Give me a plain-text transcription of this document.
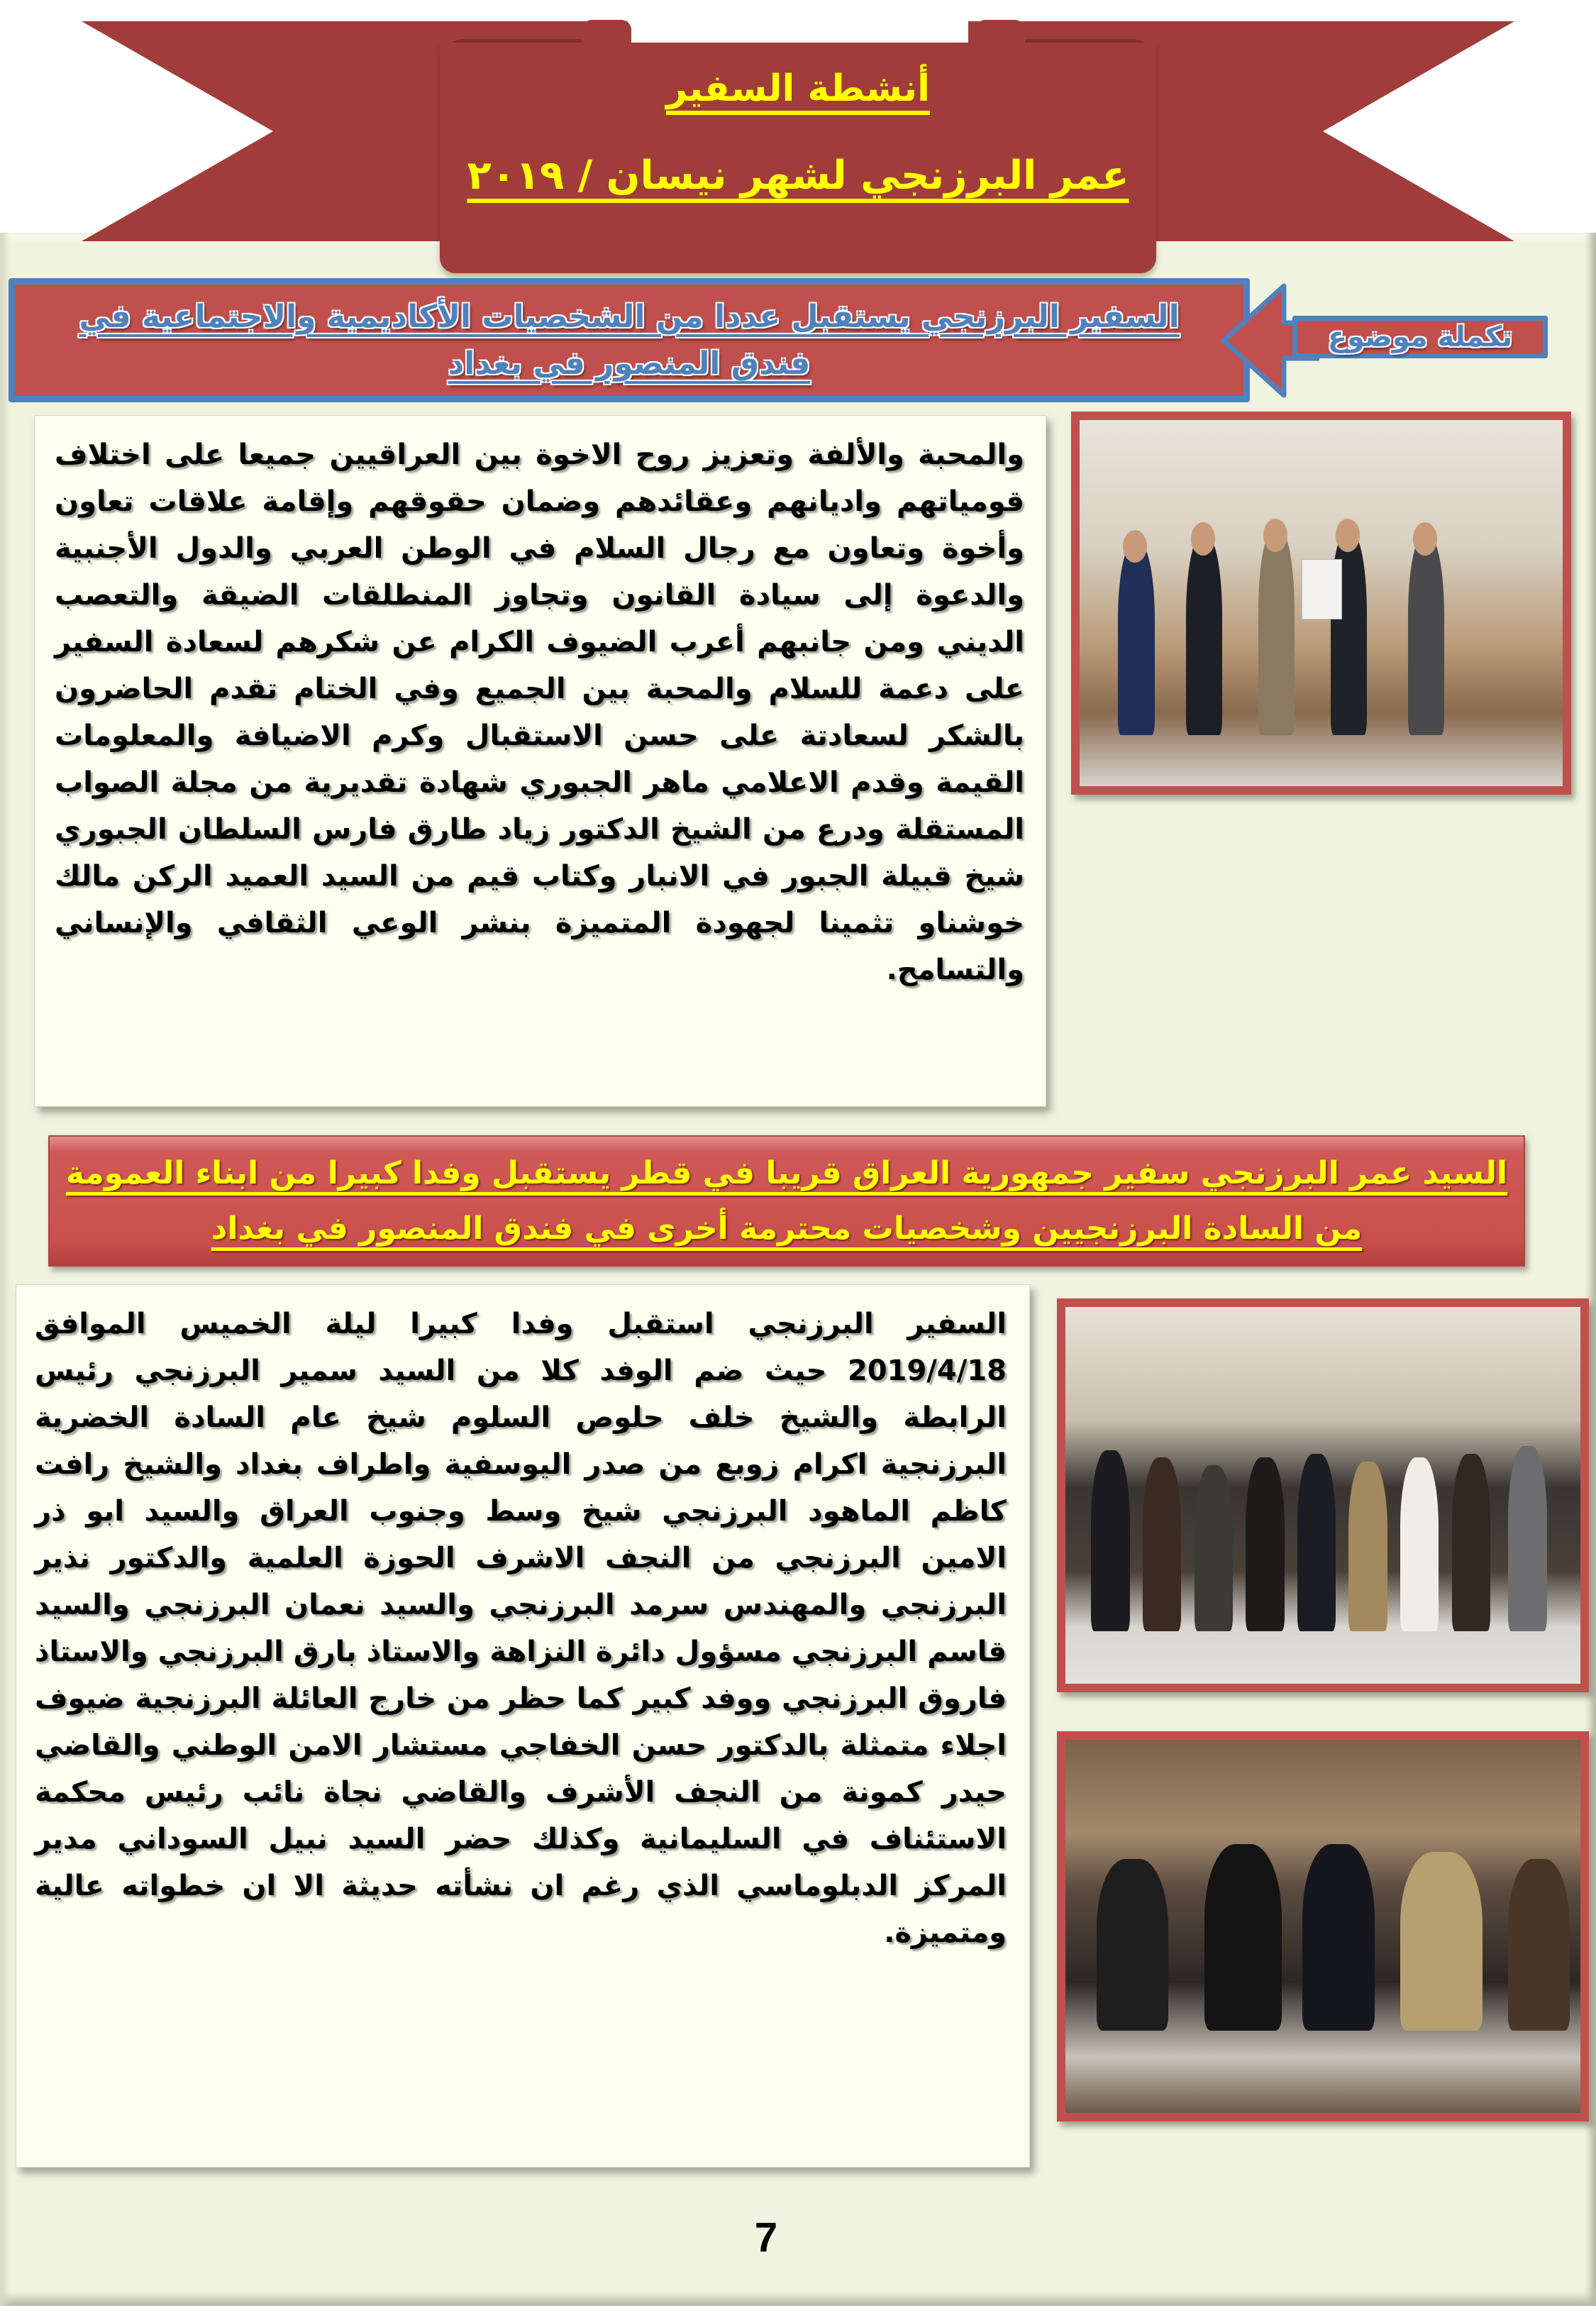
أنشطة السفير
عمر البرزنجي لشهر نيسان / ٢٠١٩
السفير البرزنجي يستقبل عددا من الشخصيات الأكاديمية والاجتماعية في فندق المنصور في بغداد
تكملة موضوع

والمحبة والألفة وتعزيز روح الاخوة بين العراقيين جميعا على اختلاف قومياتهم واديانهم وعقائدهم وضمان حقوقهم وإقامة علاقات تعاون وأخوة وتعاون مع رجال السلام في الوطن العربي والدول الأجنبية والدعوة إلى سيادة القانون وتجاوز المنطلقات الضيقة والتعصب الديني ومن جانبهم أعرب الضيوف الكرام عن شكرهم لسعادة السفير على دعمة للسلام والمحبة بين الجميع وفي الختام تقدم الحاضرون بالشكر لسعادتة على حسن الاستقبال وكرم الاضيافة والمعلومات القيمة وقدم الاعلامي ماهر الجبوري شهادة تقديرية من مجلة الصواب المستقلة ودرع من الشيخ الدكتور زياد طارق فارس السلطان الجبوري شيخ قبيلة الجبور في الانبار وكتاب قيم من السيد العميد الركن مالك خوشناو تثمينا لجهودة المتميزة بنشر الوعي الثقافي والإنساني والتسامح.

السيد عمر البرزنجي سفير جمهورية العراق قريبا في قطر يستقبل وفدا كبيرا من ابناء العمومة من السادة البرزنجيين وشخصيات محترمة أخرى في فندق المنصور في بغداد

السفير البرزنجي استقبل وفدا كبيرا ليلة الخميس الموافق 2019/4/18 حيث ضم الوفد كلا من السيد سمير البرزنجي رئيس الرابطة والشيخ خلف حلوص السلوم شيخ عام السادة الخضرية البرزنجية اكرام زوبع من صدر اليوسفية واطراف بغداد والشيخ رافت كاظم الماهود البرزنجي شيخ وسط وجنوب العراق والسيد ابو ذر الامين البرزنجي من النجف الاشرف الحوزة العلمية والدكتور نذير البرزنجي والمهندس سرمد البرزنجي والسيد نعمان البرزنجي والسيد قاسم البرزنجي مسؤول دائرة النزاهة والاستاذ بارق البرزنجي والاستاذ فاروق البرزنجي ووفد كبير كما حظر من خارج العائلة البرزنجية ضيوف اجلاء متمثلة بالدكتور حسن الخفاجي مستشار الامن الوطني والقاضي حيدر كمونة من النجف الأشرف والقاضي نجاة نائب رئيس محكمة الاستئناف في السليمانية وكذلك حضر السيد نبيل السوداني مدير المركز الدبلوماسي الذي رغم ان نشأته حديثة الا ان خطواته عالية ومتميزة.

7
